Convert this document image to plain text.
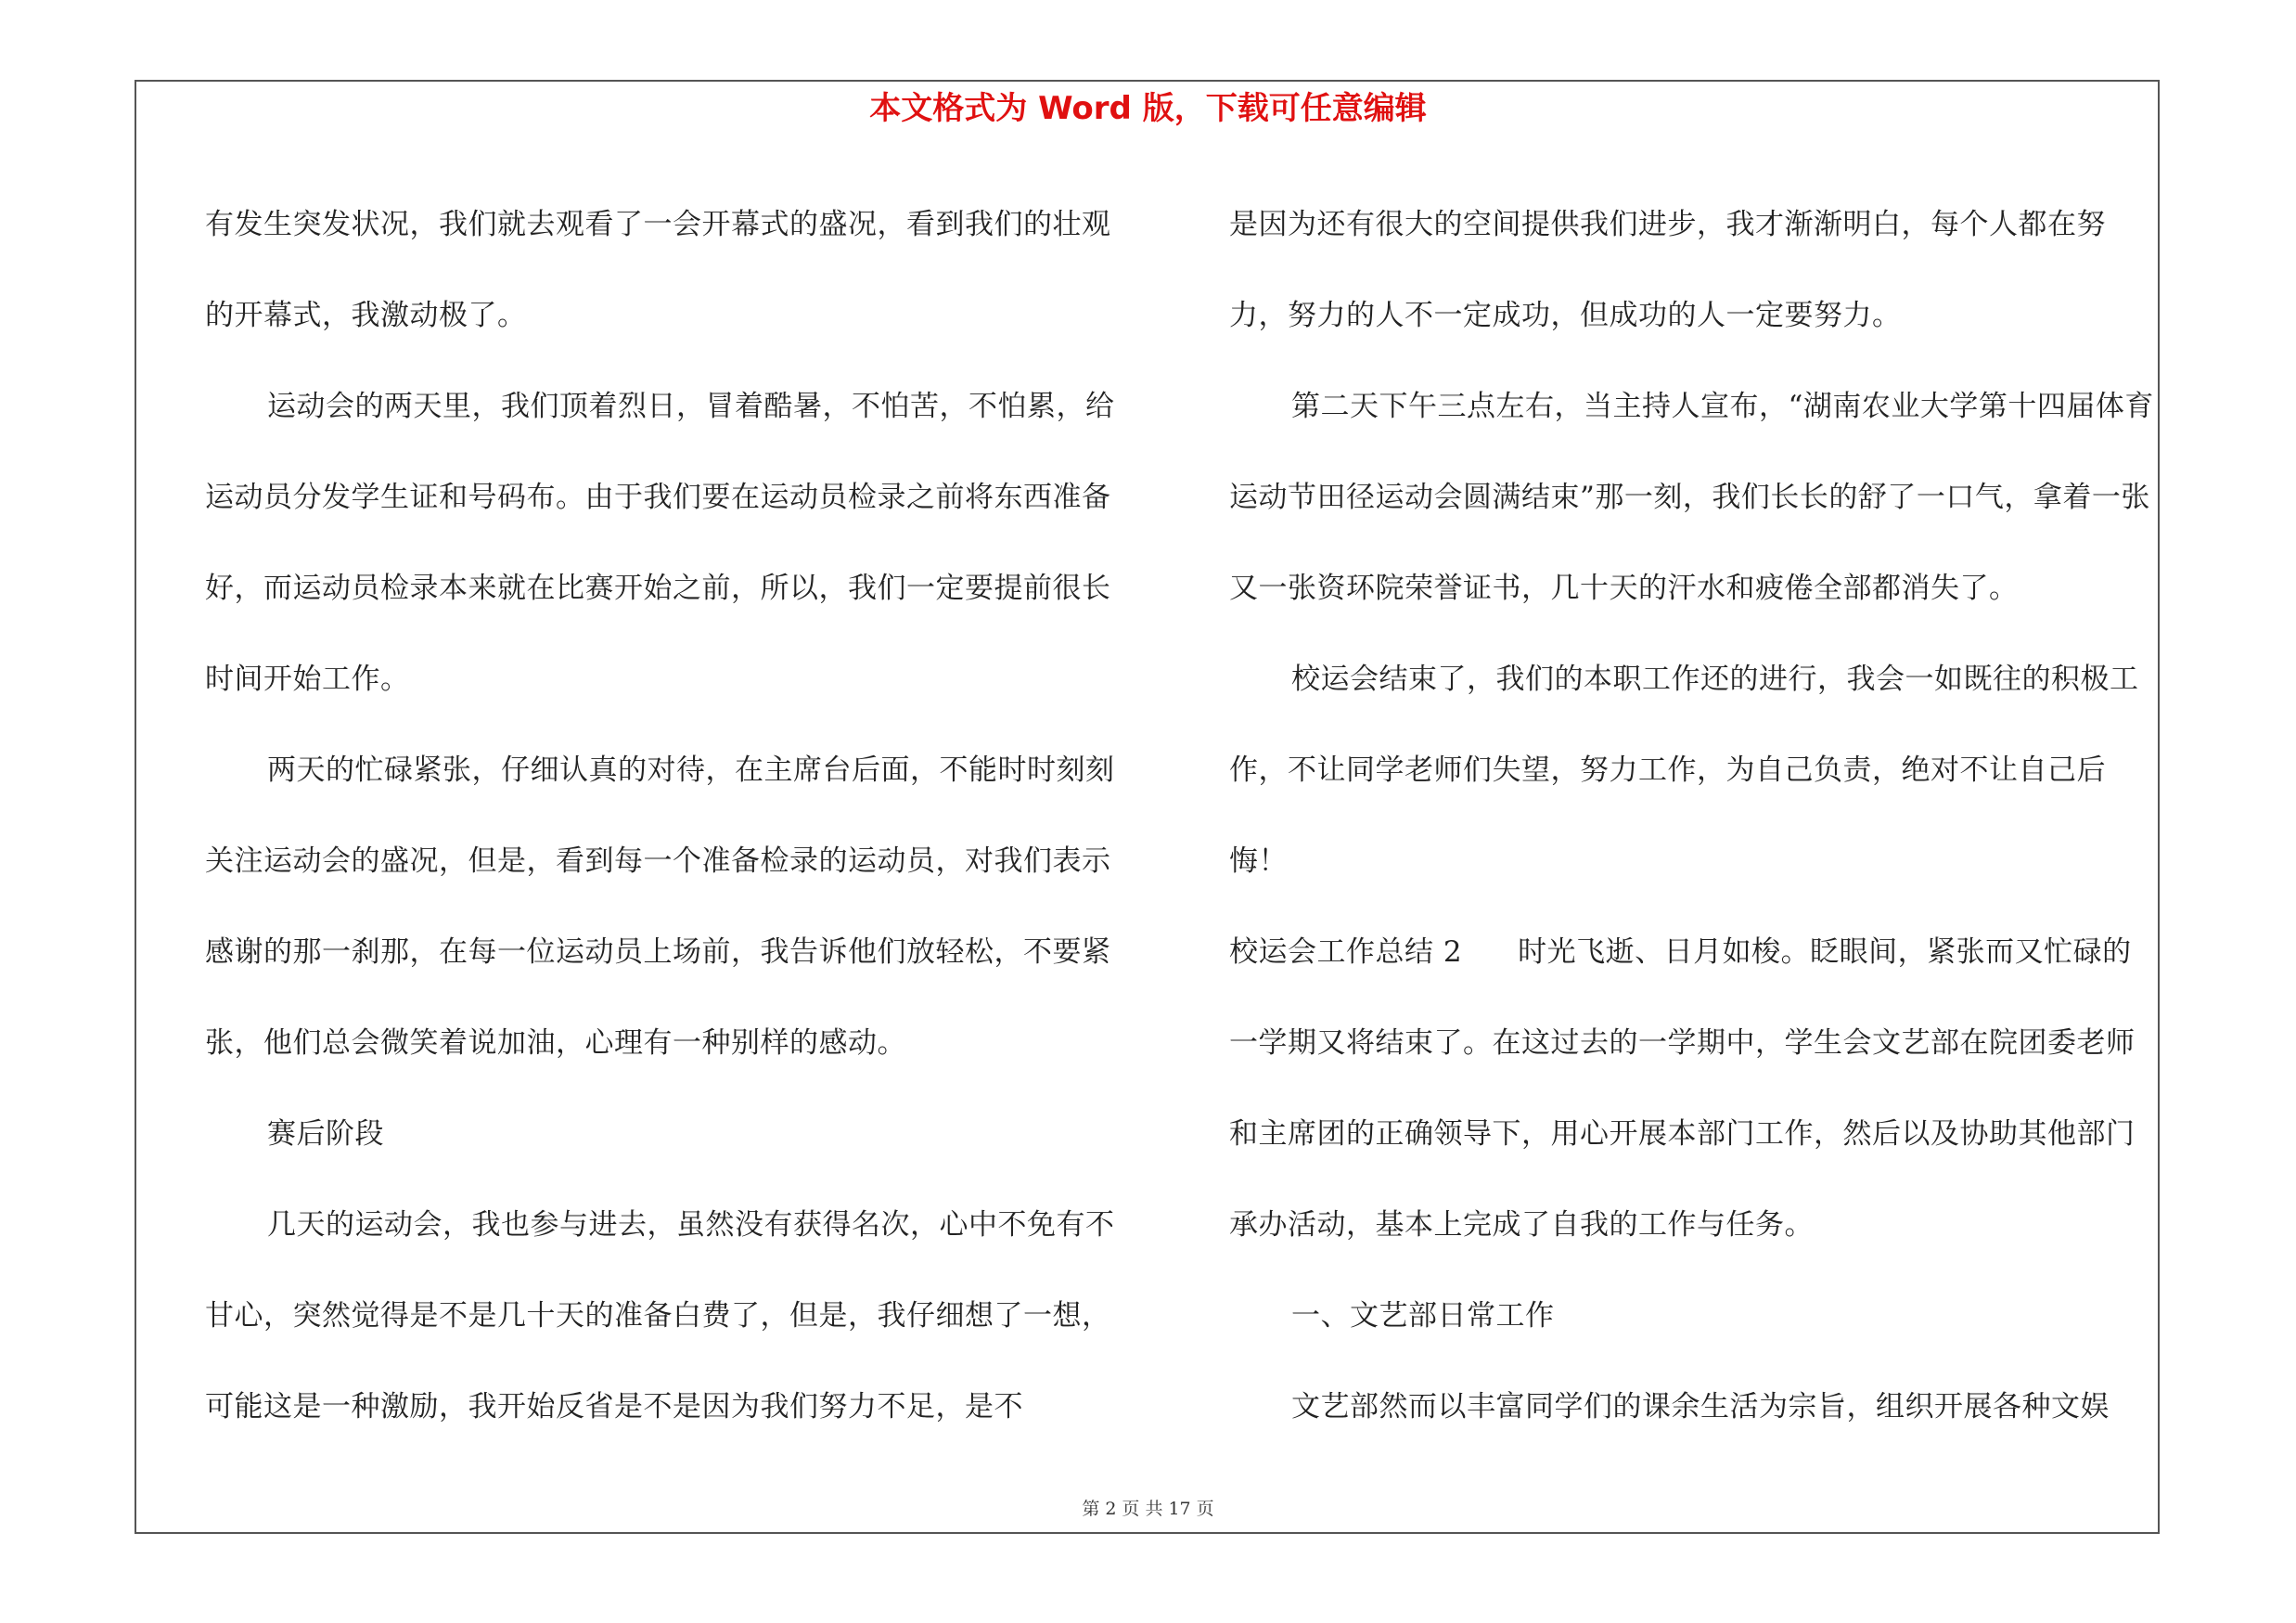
本文格式为 Word 版，下载可任意编辑

有发生突发状况，我们就去观看了一会开幕式的盛况，看到我们的壮观的开幕式，我激动极了。

运动会的两天里，我们顶着烈日，冒着酷暑，不怕苦，不怕累，给运动员分发学生证和号码布。由于我们要在运动员检录之前将东西准备好，而运动员检录本来就在比赛开始之前，所以，我们一定要提前很长时间开始工作。

两天的忙碌紧张，仔细认真的对待，在主席台后面，不能时时刻刻关注运动会的盛况，但是，看到每一个准备检录的运动员，对我们表示感谢的那一刹那，在每一位运动员上场前，我告诉他们放轻松，不要紧张，他们总会微笑着说加油，心理有一种别样的感动。

赛后阶段

几天的运动会，我也参与进去，虽然没有获得名次，心中不免有不甘心，突然觉得是不是几十天的准备白费了，但是，我仔细想了一想，可能这是一种激励，我开始反省是不是因为我们努力不足，是不

是因为还有很大的空间提供我们进步，我才渐渐明白，每个人都在努力，努力的人不一定成功，但成功的人一定要努力。

第二天下午三点左右，当主持人宣布，“湖南农业大学第十四届体育运动节田径运动会圆满结束”那一刻，我们长长的舒了一口气，拿着一张又一张资环院荣誉证书，几十天的汗水和疲倦全部都消失了。

校运会结束了，我们的本职工作还的进行，我会一如既往的积极工作，不让同学老师们失望，努力工作，为自己负责，绝对不让自己后悔！

校运会工作总结 2 时光飞逝、日月如梭。眨眼间，紧张而又忙碌的一学期又将结束了。在这过去的一学期中，学生会文艺部在院团委老师和主席团的正确领导下，用心开展本部门工作，然后以及协助其他部门承办活动，基本上完成了自我的工作与任务。

一、文艺部日常工作

文艺部然而以丰富同学们的课余生活为宗旨，组织开展各种文娱

第 2 页 共 17 页
